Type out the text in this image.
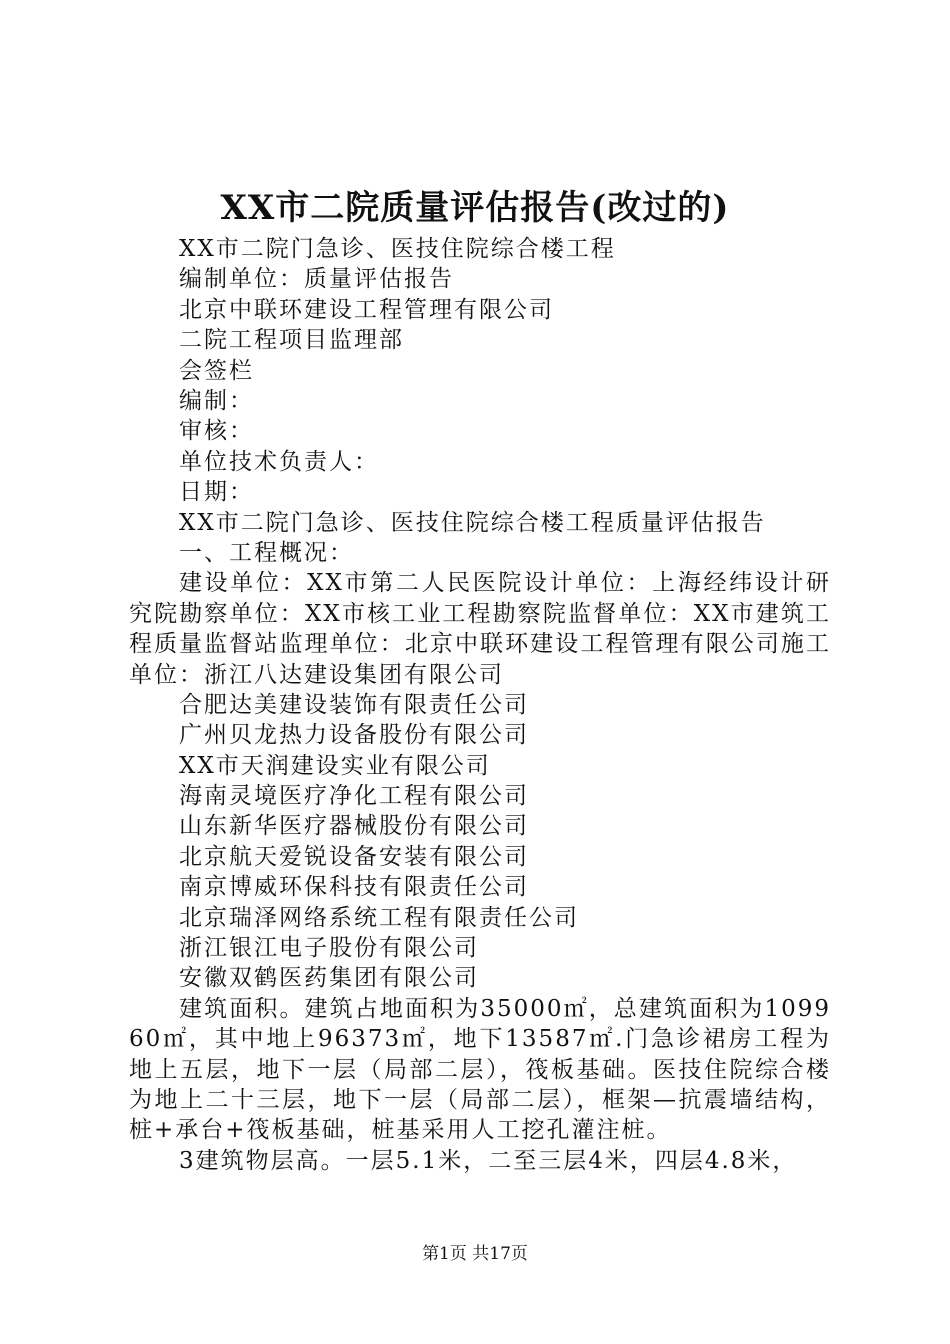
XX市二院质量评估报告(改过的)
XX市二院门急诊、医技住院综合楼工程
编制单位：质量评估报告
北京中联环建设工程管理有限公司
二院工程项目监理部
会签栏
编制：
审核：
单位技术负责人：
日期：
XX市二院门急诊、医技住院综合楼工程质量评估报告
一、工程概况：
建设单位：XX市第二人民医院设计单位：上海经纬设计研究院勘察单位：XX市核工业工程勘察院监督单位：XX市建筑工程质量监督站监理单位：北京中联环建设工程管理有限公司施工单位：浙江八达建设集团有限公司
合肥达美建设装饰有限责任公司
广州贝龙热力设备股份有限公司
XX市天润建设实业有限公司
海南灵境医疗净化工程有限公司
山东新华医疗器械股份有限公司
北京航天爱锐设备安装有限公司
南京博威环保科技有限责任公司
北京瑞泽网络系统工程有限责任公司
浙江银江电子股份有限公司
安徽双鹤医药集团有限公司
建筑面积。建筑占地面积为35000㎡，总建筑面积为109960㎡，其中地上96373㎡，地下13587㎡.门急诊裙房工程为地上五层，地下一层（局部二层），筏板基础。医技住院综合楼为地上二十三层，地下一层（局部二层），框架—抗震墙结构，桩+承台+筏板基础，桩基采用人工挖孔灌注桩。
3建筑物层高。一层5.1米，二至三层4米，四层4.8米，
第1页 共17页
